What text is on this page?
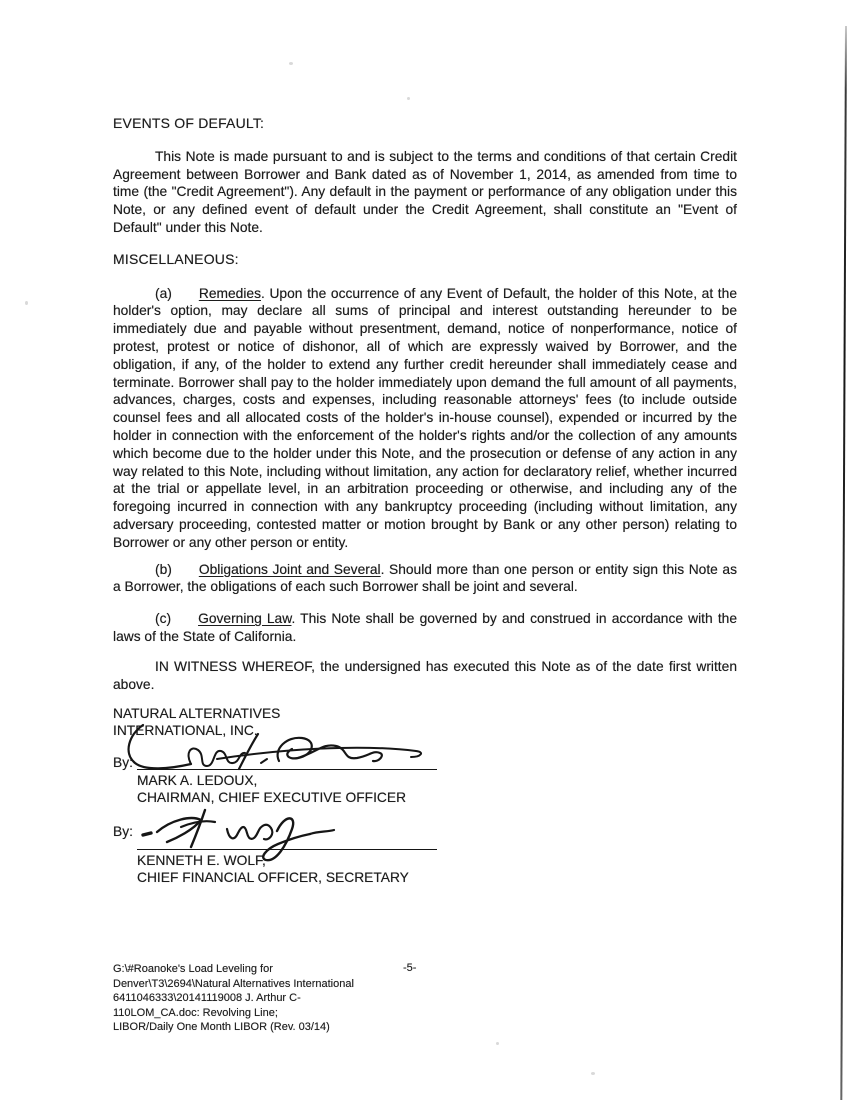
EVENTS OF DEFAULT:

This Note is made pursuant to and is subject to the terms and conditions of that certain Credit Agreement between Borrower and Bank dated as of November 1, 2014, as amended from time to time (the "Credit Agreement"). Any default in the payment or performance of any obligation under this Note, or any defined event of default under the Credit Agreement, shall constitute an "Event of Default" under this Note.

MISCELLANEOUS:

(a) Remedies. Upon the occurrence of any Event of Default, the holder of this Note, at the holder's option, may declare all sums of principal and interest outstanding hereunder to be immediately due and payable without presentment, demand, notice of nonperformance, notice of protest, protest or notice of dishonor, all of which are expressly waived by Borrower, and the obligation, if any, of the holder to extend any further credit hereunder shall immediately cease and terminate. Borrower shall pay to the holder immediately upon demand the full amount of all payments, advances, charges, costs and expenses, including reasonable attorneys' fees (to include outside counsel fees and all allocated costs of the holder's in-house counsel), expended or incurred by the holder in connection with the enforcement of the holder's rights and/or the collection of any amounts which become due to the holder under this Note, and the prosecution or defense of any action in any way related to this Note, including without limitation, any action for declaratory relief, whether incurred at the trial or appellate level, in an arbitration proceeding or otherwise, and including any of the foregoing incurred in connection with any bankruptcy proceeding (including without limitation, any adversary proceeding, contested matter or motion brought by Bank or any other person) relating to Borrower or any other person or entity.

(b) Obligations Joint and Several. Should more than one person or entity sign this Note as a Borrower, the obligations of each such Borrower shall be joint and several.

(c) Governing Law. This Note shall be governed by and construed in accordance with the laws of the State of California.

IN WITNESS WHEREOF, the undersigned has executed this Note as of the date first written above.

NATURAL ALTERNATIVES
INTERNATIONAL, INC.
By:
MARK A. LEDOUX,
CHAIRMAN, CHIEF EXECUTIVE OFFICER
By:
KENNETH E. WOLF,
CHIEF FINANCIAL OFFICER, SECRETARY
G:\#Roanoke's Load Leveling for
Denver\T3\2694\Natural Alternatives International
6411046333\20141119008 J. Arthur C-
110LOM_CA.doc: Revolving Line;
LIBOR/Daily One Month LIBOR (Rev. 03/14)
-5-
